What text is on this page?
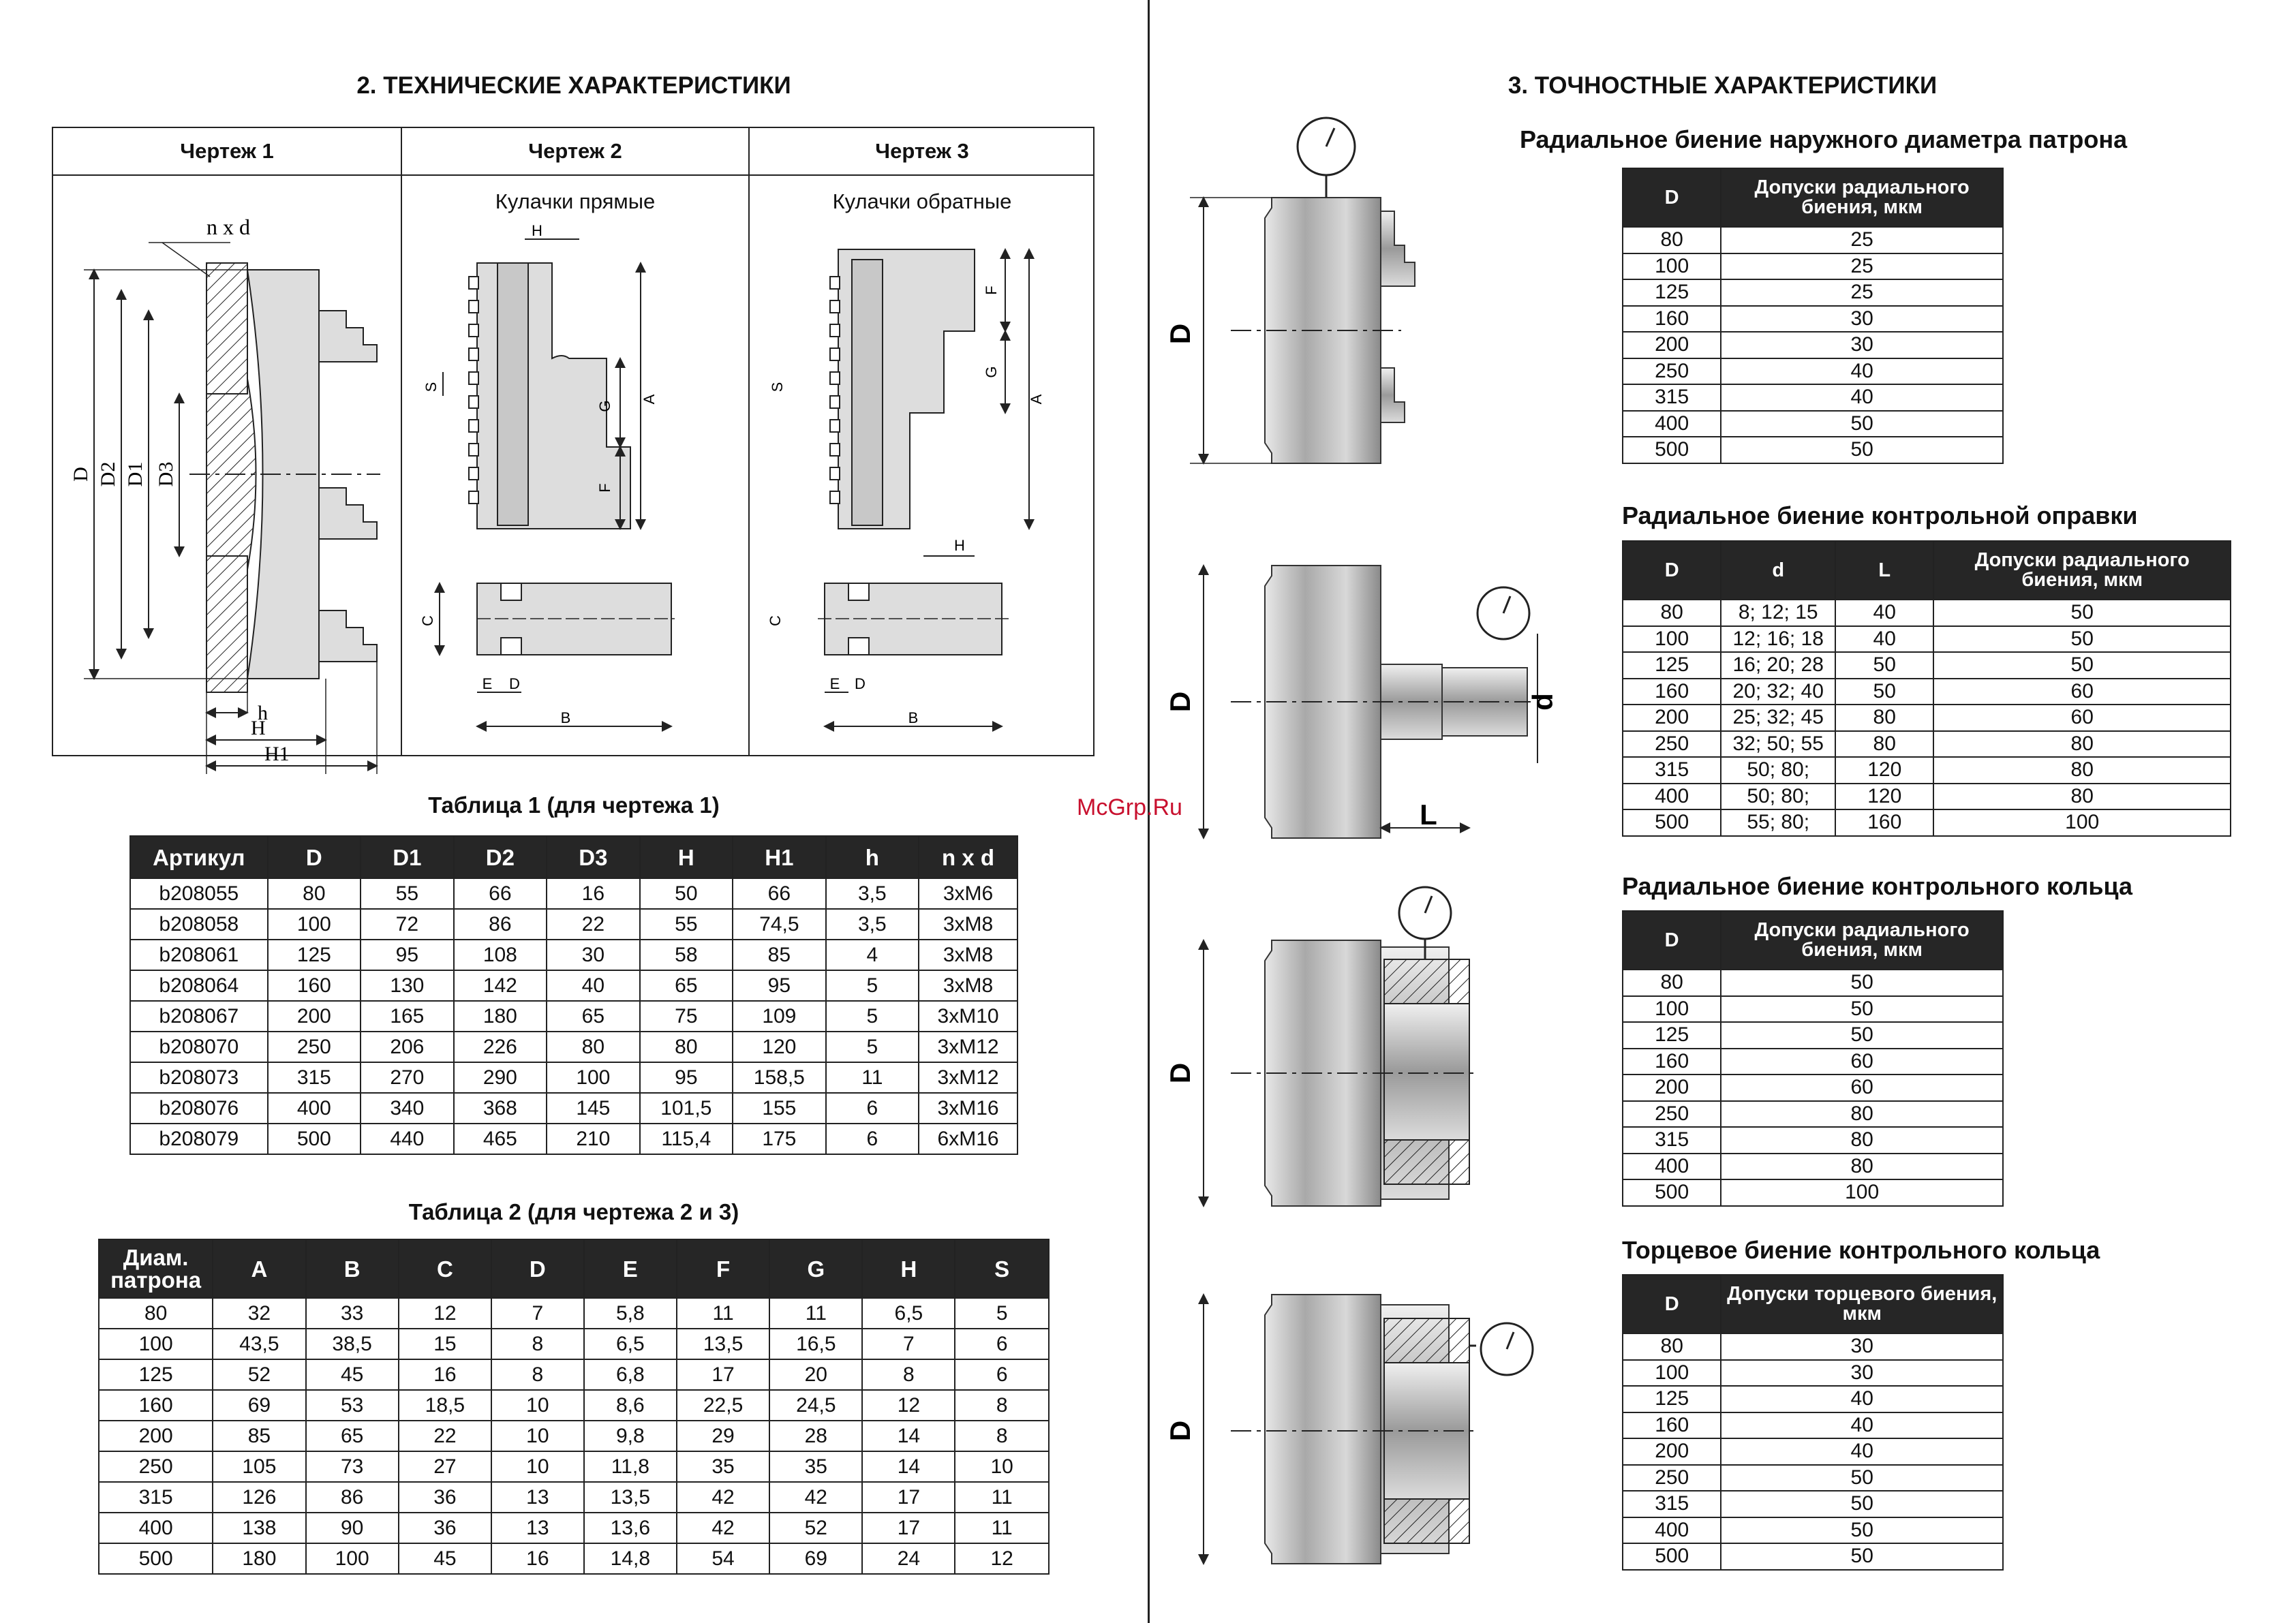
2. ТЕХНИЧЕСКИЕ ХАРАКТЕРИСТИКИ
Чертеж 1	Чертеж 2	Чертеж 3
Кулачки прямые	Кулачки обратные
D D2 D1 D3
n x d
h
H
H1
A
G
F
S
H
C
E D
B
A
F
G
S
H
C
E D
B
Таблица 1 (для чертежа 1)
Артикул	D	D1	D2	D3	H	H1	h	n x d
b208055	80	55	66	16	50	66	3,5	3хМ6
b208058	100	72	86	22	55	74,5	3,5	3хМ8
b208061	125	95	108	30	58	85	4	3хМ8
b208064	160	130	142	40	65	95	5	3хМ8
b208067	200	165	180	65	75	109	5	3хМ10
b208070	250	206	226	80	80	120	5	3хМ12
b208073	315	270	290	100	95	158,5	11	3хМ12
b208076	400	340	368	145	101,5	155	6	3хМ16
b208079	500	440	465	210	115,4	175	6	6хМ16
Таблица 2 (для чертежа 2 и 3)
Диам. патрона	A	B	C	D	E	F	G	H	S
80	32	33	12	7	5,8	11	11	6,5	5
100	43,5	38,5	15	8	6,5	13,5	16,5	7	6
125	52	45	16	8	6,8	17	20	8	6
160	69	53	18,5	10	8,6	22,5	24,5	12	8
200	85	65	22	10	9,8	29	28	14	8
250	105	73	27	10	11,8	35	35	14	10
315	126	86	36	13	13,5	42	42	17	11
400	138	90	36	13	13,6	42	52	17	11
500	180	100	45	16	14,8	54	69	24	12
McGrp.Ru
3. ТОЧНОСТНЫЕ ХАРАКТЕРИСТИКИ
D
D	d
L
D
D
Радиальное биение наружного диаметра патрона
D	Допуски радиального биения, мкм
80	25
100	25
125	25
160	30
200	30
250	40
315	40
400	50
500	50
Радиальное биение контрольной оправки
D	d	L	Допуски радиального биения, мкм
80	8; 12; 15	40	50
100	12; 16; 18	40	50
125	16; 20; 28	50	50
160	20; 32; 40	50	60
200	25; 32; 45	80	60
250	32; 50; 55	80	80
315	50; 80;	120	80
400	50; 80;	120	80
500	55; 80;	160	100
Радиальное биение контрольного кольца
D	Допуски радиального биения, мкм
80	50
100	50
125	50
160	60
200	60
250	80
315	80
400	80
500	100
Торцевое биение контрольного кольца
D	Допуски торцевого биения, мкм
80	30
100	30
125	40
160	40
200	40
250	50
315	50
400	50
500	50
